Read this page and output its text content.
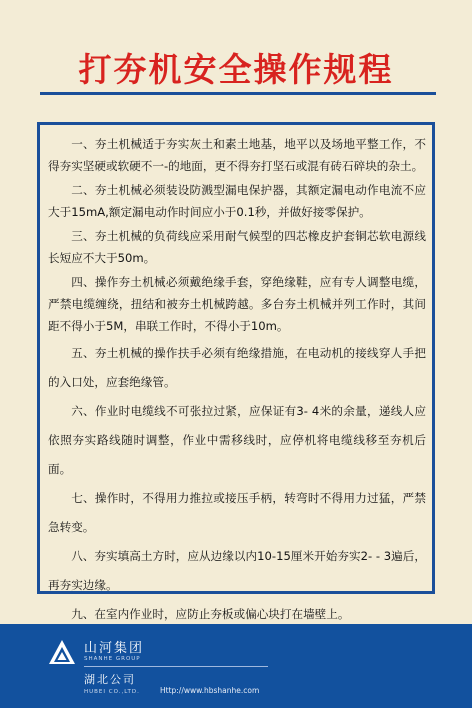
打夯机安全操作规程

一、夯土机械适于夯实灰土和素土地基，地平以及场地平整工作，不得夯实坚硬或软硬不一-的地面，更不得夯打坚石或混有砖石碎块的杂土。

二、夯土机械必须装设防溅型漏电保护器，其额定漏电动作电流不应大于15mA,额定漏电动作时间应小于0.1秒，并做好接零保护。

三、夯土机械的负荷线应采用耐气候型的四芯橡皮护套铜芯软电源线长短应不大于50m。

四、操作夯土机械必须戴绝缘手套，穿绝缘鞋，应有专人调整电缆，严禁电缆缠绕，扭结和被夯土机械跨越。多台夯土机械并列工作时，其间距不得小于5M，串联工作时，不得小于10m。

五、夯土机械的操作扶手必须有绝缘措施，在电动机的接线穿人手把的入口处，应套绝缘管。

六、作业时电缆线不可张拉过紧，应保证有3- 4米的余量，递线人应依照夯实路线随时调整，作业中需移线时，应停机将电缆线移至夯机后面。

七、操作时，不得用力推拉或接压手柄，转弯时不得用力过猛，严禁急转变。

八、夯实填高土方时，应从边缘以内10-15厘米开始夯实2- - 3遍后，再夯实边缘。

九、在室内作业时，应防止夯板或偏心块打在墙壁上。

山河集团
SHANHE GROUP
湖北公司
HUBEI CO.,LTD.	Http://www.hbshanhe.com
